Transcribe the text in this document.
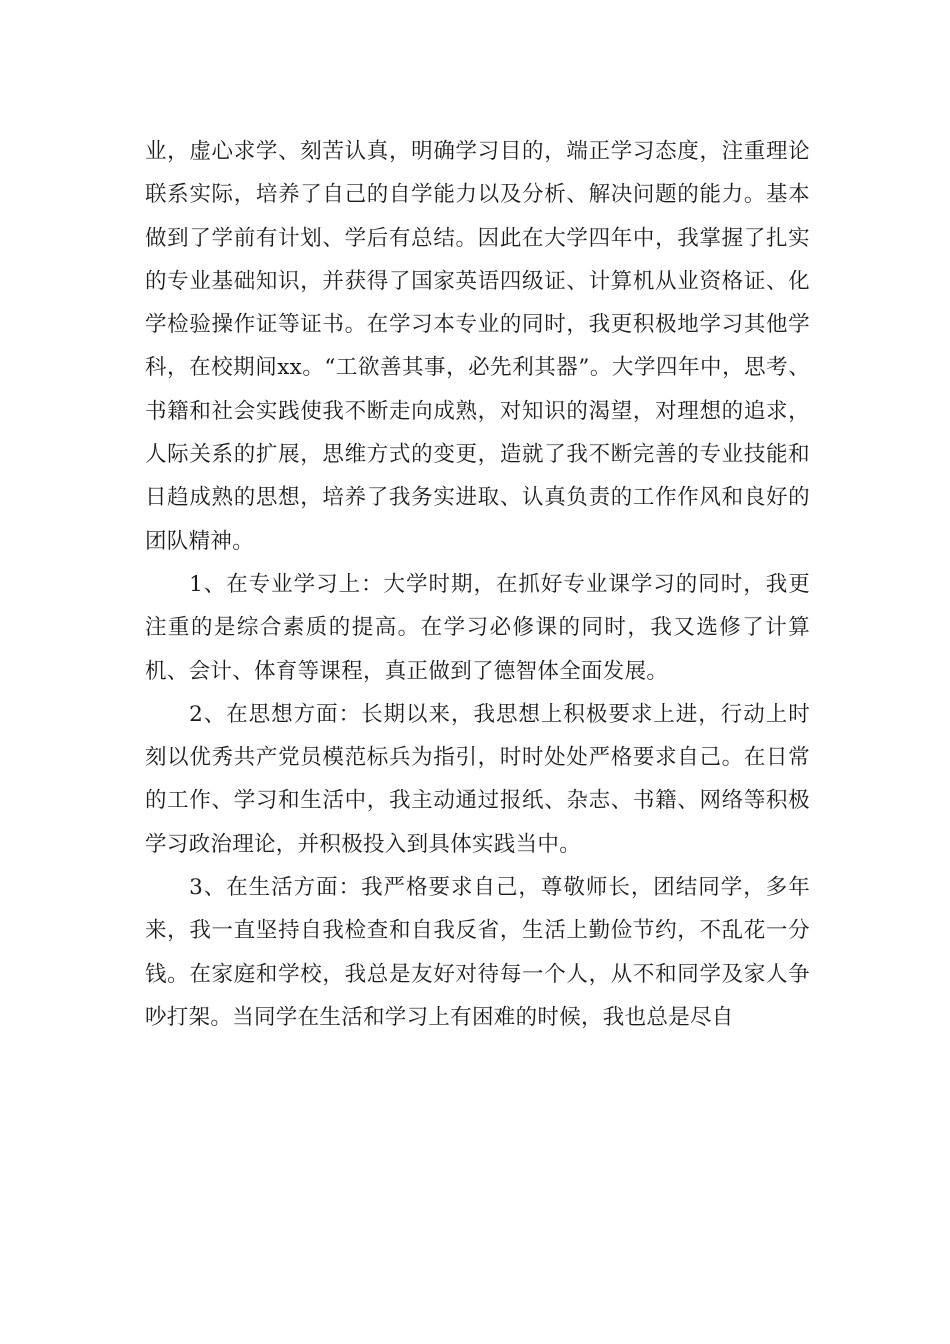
业，虚心求学、刻苦认真，明确学习目的，端正学习态度，注重理论联系实际，培养了自己的自学能力以及分析、解决问题的能力。基本做到了学前有计划、学后有总结。因此在大学四年中，我掌握了扎实的专业基础知识，并获得了国家英语四级证、计算机从业资格证、化学检验操作证等证书。在学习本专业的同时，我更积极地学习其他学科，在校期间xx。“工欲善其事，必先利其器”。大学四年中，思考、书籍和社会实践使我不断走向成熟，对知识的渴望，对理想的追求，人际关系的扩展，思维方式的变更，造就了我不断完善的专业技能和日趋成熟的思想，培养了我务实进取、认真负责的工作作风和良好的团队精神。

1、在专业学习上：大学时期，在抓好专业课学习的同时，我更注重的是综合素质的提高。在学习必修课的同时，我又选修了计算机、会计、体育等课程，真正做到了德智体全面发展。

2、在思想方面：长期以来，我思想上积极要求上进，行动上时刻以优秀共产党员模范标兵为指引，时时处处严格要求自己。在日常的工作、学习和生活中，我主动通过报纸、杂志、书籍、网络等积极学习政治理论，并积极投入到具体实践当中。

3、在生活方面：我严格要求自己，尊敬师长，团结同学，多年来，我一直坚持自我检查和自我反省，生活上勤俭节约，不乱花一分钱。在家庭和学校，我总是友好对待每一个人，从不和同学及家人争吵打架。当同学在生活和学习上有困难的时候，我也总是尽自
